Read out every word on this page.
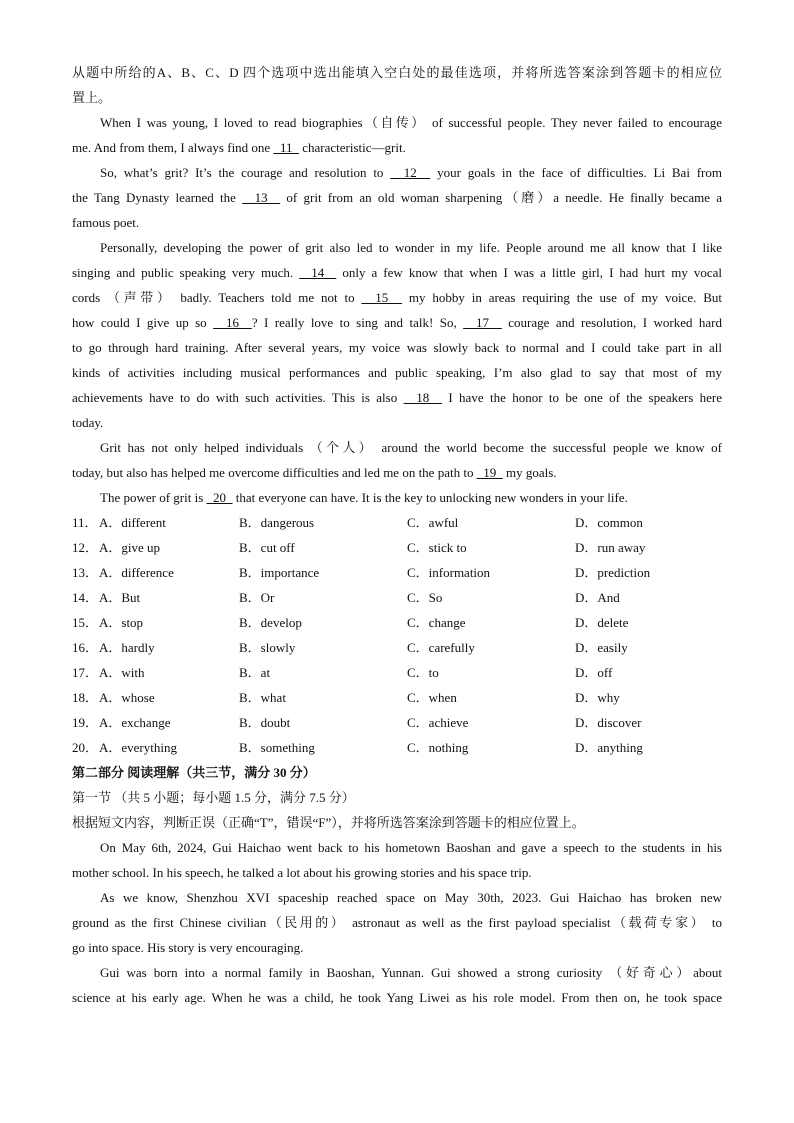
从题中所给的A、B、C、D 四个选项中选出能填入空白处的最佳选项，并将所选答案涂到答题卡的相应位
置上。
When I was young, I loved to read biographies（自传） of successful people. They never failed to encourage
me. And from them, I always find one   11   characteristic—grit.
So, what’s grit? It’s the courage and resolution to   12   your goals in the face of difficulties. Li Bai from
the Tang Dynasty learned the   13   of grit from an old woman sharpening（磨）a needle. He finally became a
famous poet.
Personally, developing the power of grit also led to wonder in my life. People around me all know that I like
singing and public speaking very much.   14   only a few know that when I was a little girl, I had hurt my vocal
cords （声带） badly. Teachers told me not to   15   my hobby in areas requiring the use of my voice. But
how could I give up so   16  ? I really love to sing and talk! So,   17   courage and resolution, I worked hard
to go through hard training. After several years, my voice was slowly back to normal and I could take part in all
kinds of activities including musical performances and public speaking, I’m also glad to say that most of my
achievements have to do with such activities. This is also   18   I have the honor to be one of the speakers here
today.
Grit has not only helped individuals （个人） around the world become the successful people we know of
today, but also has helped me overcome difficulties and led me on the path to   19   my goals.
The power of grit is   20   that everyone can have. It is the key to unlocking new wonders in your life.
11． A．different	B．dangerous	C．awful	D．common
12． A．give up	B．cut off	C．stick to	D．run away
13． A．difference	B．importance	C．information	D．prediction
14． A．But	B．Or	C．So	D．And
15． A．stop	B．develop	C．change	D．delete
16． A．hardly	B．slowly	C．carefully	D．easily
17． A．with	B．at	C．to	D．off
18． A．whose	B．what	C．when	D．why
19． A．exchange	B．doubt	C．achieve	D．discover
20． A．everything	B．something	C．nothing	D．anything
第二部分 阅读理解（共三节，满分 30 分）
第一节 （共 5 小题；每小题 1.5 分，满分 7.5 分）
根据短文内容，判断正误（正确“T”，错误“F”），并将所选答案涂到答题卡的相应位置上。
On May 6th, 2024, Gui Haichao went back to his hometown Baoshan and gave a speech to the students in his
mother school. In his speech, he talked a lot about his growing stories and his space trip.
As we know, Shenzhou XVI spaceship reached space on May 30th, 2023. Gui Haichao has broken new
ground as the first Chinese civilian（民用的） astronaut as well as the first payload specialist（载荷专家） to
go into space. His story is very encouraging.
Gui was born into a normal family in Baoshan, Yunnan. Gui showed a strong curiosity （好奇心）about
science at his early age. When he was a child, he took Yang Liwei as his role model. From then on, he took space
